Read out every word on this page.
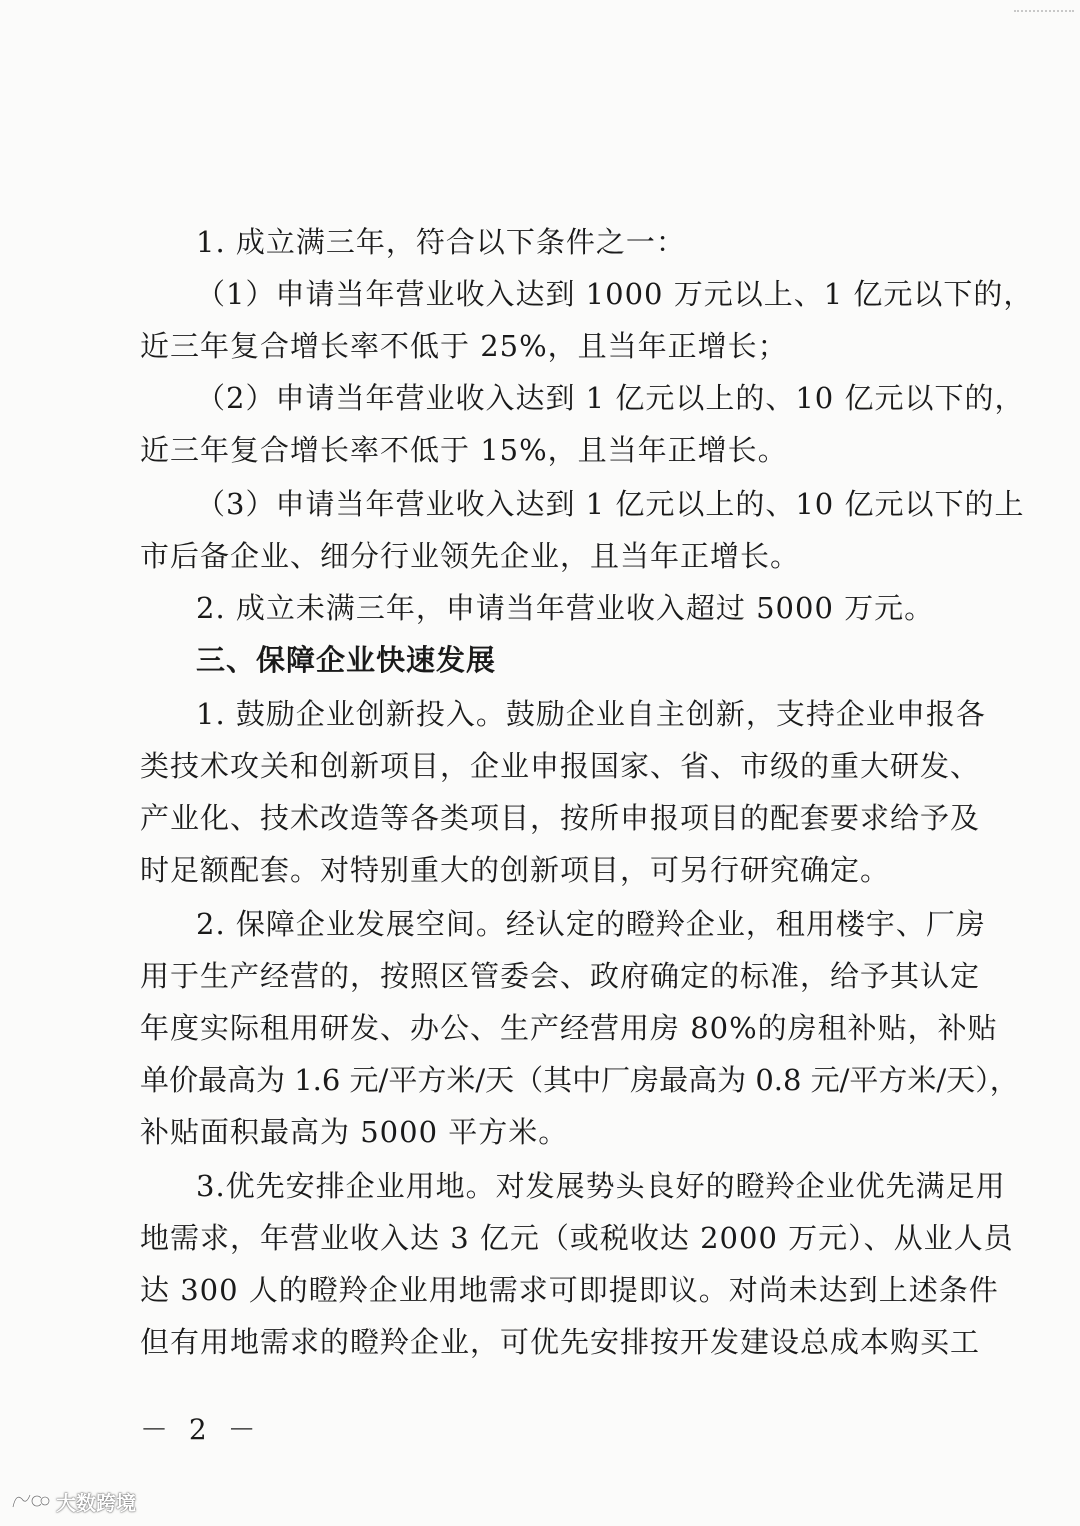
1. 成立满三年，符合以下条件之一：
（1）申请当年营业收入达到 1000 万元以上、1 亿元以下的，
近三年复合增长率不低于 25%，且当年正增长；
（2）申请当年营业收入达到 1 亿元以上的、10 亿元以下的，
近三年复合增长率不低于 15%，且当年正增长。
（3）申请当年营业收入达到 1 亿元以上的、10 亿元以下的上
市后备企业、细分行业领先企业，且当年正增长。
2. 成立未满三年，申请当年营业收入超过 5000 万元。
三、保障企业快速发展
1. 鼓励企业创新投入。鼓励企业自主创新，支持企业申报各
类技术攻关和创新项目，企业申报国家、省、市级的重大研发、
产业化、技术改造等各类项目，按所申报项目的配套要求给予及
时足额配套。对特别重大的创新项目，可另行研究确定。
2. 保障企业发展空间。经认定的瞪羚企业，租用楼宇、厂房
用于生产经营的，按照区管委会、政府确定的标准，给予其认定
年度实际租用研发、办公、生产经营用房 80%的房租补贴，补贴
单价最高为 1.6 元/平方米/天（其中厂房最高为 0.8 元/平方米/天），
补贴面积最高为 5000 平方米。
3.优先安排企业用地。对发展势头良好的瞪羚企业优先满足用
地需求，年营业收入达 3 亿元（或税收达 2000 万元）、从业人员
达 300 人的瞪羚企业用地需求可即提即议。对尚未达到上述条件
但有用地需求的瞪羚企业，可优先安排按开发建设总成本购买工
－ 2 －
大数跨境
